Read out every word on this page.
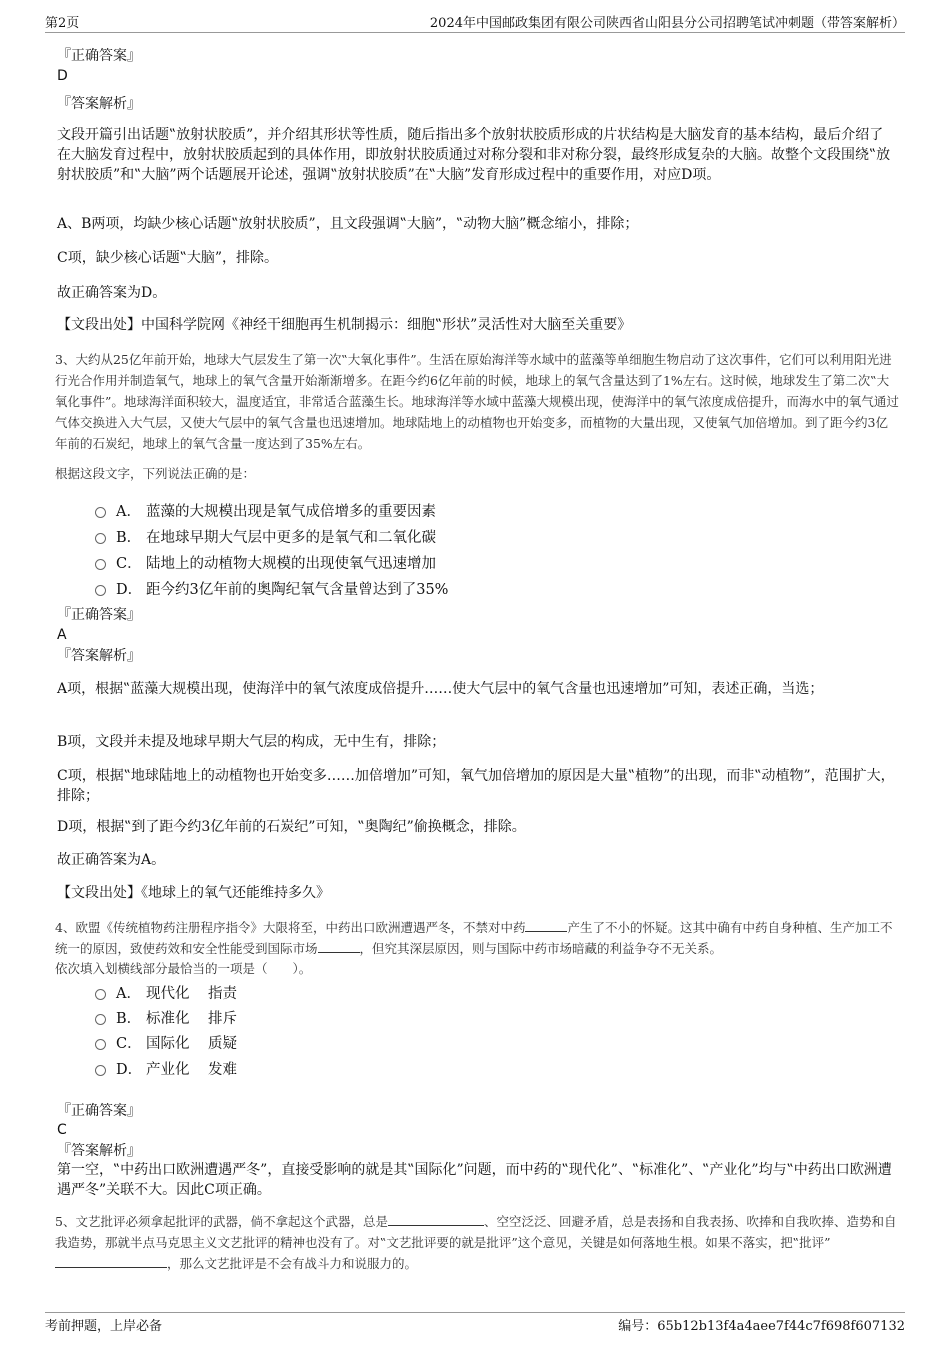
第2页	2024年中国邮政集团有限公司陕西省山阳县分公司招聘笔试冲刺题（带答案解析）
『正确答案』
D
『答案解析』

文段开篇引出话题‟放射状胶质”，并介绍其形状等性质，随后指出多个放射状胶质形成的片状结构是大脑发育的基本结构，最后介绍了在大脑发育过程中，放射状胶质起到的具体作用，即放射状胶质通过对称分裂和非对称分裂，最终形成复杂的大脑。故整个文段围绕‟放射状胶质”和‟大脑”两个话题展开论述，强调‟放射状胶质”在‟大脑”发育形成过程中的重要作用，对应D项。

A、B两项，均缺少核心话题‟放射状胶质”，且文段强调‟大脑”，‟动物大脑”概念缩小，排除；

C项，缺少核心话题‟大脑”，排除。

故正确答案为D。

【文段出处】中国科学院网《神经干细胞再生机制揭示：细胞‟形状”灵活性对大脑至关重要》

3、大约从25亿年前开始，地球大气层发生了第一次‟大氧化事件”。生活在原始海洋等水域中的蓝藻等单细胞生物启动了这次事件，它们可以利用阳光进行光合作用并制造氧气，地球上的氧气含量开始渐渐增多。在距今约6亿年前的时候，地球上的氧气含量达到了1%左右。这时候，地球发生了第二次‟大氧化事件”。地球海洋面积较大，温度适宜，非常适合蓝藻生长。地球海洋等水域中蓝藻大规模出现，使海洋中的氧气浓度成倍提升，而海水中的氧气通过气体交换进入大气层，又使大气层中的氧气含量也迅速增加。地球陆地上的动植物也开始变多，而植物的大量出现，又使氧气加倍增加。到了距今约3亿年前的石炭纪，地球上的氧气含量一度达到了35%左右。

根据这段文字，下列说法正确的是：

A． 蓝藻的大规模出现是氧气成倍增多的重要因素
B． 在地球早期大气层中更多的是氧气和二氧化碳
C． 陆地上的动植物大规模的出现使氧气迅速增加
D． 距今约3亿年前的奥陶纪氧气含量曾达到了35%
『正确答案』
A
『答案解析』

A项，根据‟蓝藻大规模出现，使海洋中的氧气浓度成倍提升……使大气层中的氧气含量也迅速增加”可知，表述正确，当选；

B项，文段并未提及地球早期大气层的构成，无中生有，排除；

C项，根据‟地球陆地上的动植物也开始变多……加倍增加”可知，氧气加倍增加的原因是大量‟植物”的出现，而非‟动植物”，范围扩大，排除；

D项，根据‟到了距今约3亿年前的石炭纪”可知，‟奥陶纪”偷换概念，排除。

故正确答案为A。

【文段出处】《地球上的氧气还能维持多久》

4、欧盟《传统植物药注册程序指令》大限将至，中药出口欧洲遭遇严冬，不禁对中药	产生了不小的怀疑。这其中确有中药自身种植、生产加工不统一的原因，致使药效和安全性能受到国际市场	，但究其深层原因，则与国际中药市场暗藏的利益争夺不无关系。

依次填入划横线部分最恰当的一项是（　　）。

A． 现代化	指责
B． 标准化	排斥
C． 国际化	质疑
D． 产业化	发难
『正确答案』
C
『答案解析』

第一空，‟中药出口欧洲遭遇严冬”，直接受影响的就是其‟国际化”问题，而中药的‟现代化”、‟标准化”、‟产业化”均与‟中药出口欧洲遭遇严冬”关联不大。因此C项正确。

5、文艺批评必须拿起批评的武器，倘不拿起这个武器，总是	、空空泛泛、回避矛盾，总是表扬和自我表扬、吹捧和自我吹捧、造势和自我造势，那就半点马克思主义文艺批评的精神也没有了。对‟文艺批评要的就是批评”这个意见，关键是如何落地生根。如果不落实，把‟批评”，那么文艺批评是不会有战斗力和说服力的。

考前押题，上岸必备	编号：65b12b13f4a4aee7f44c7f698f607132
